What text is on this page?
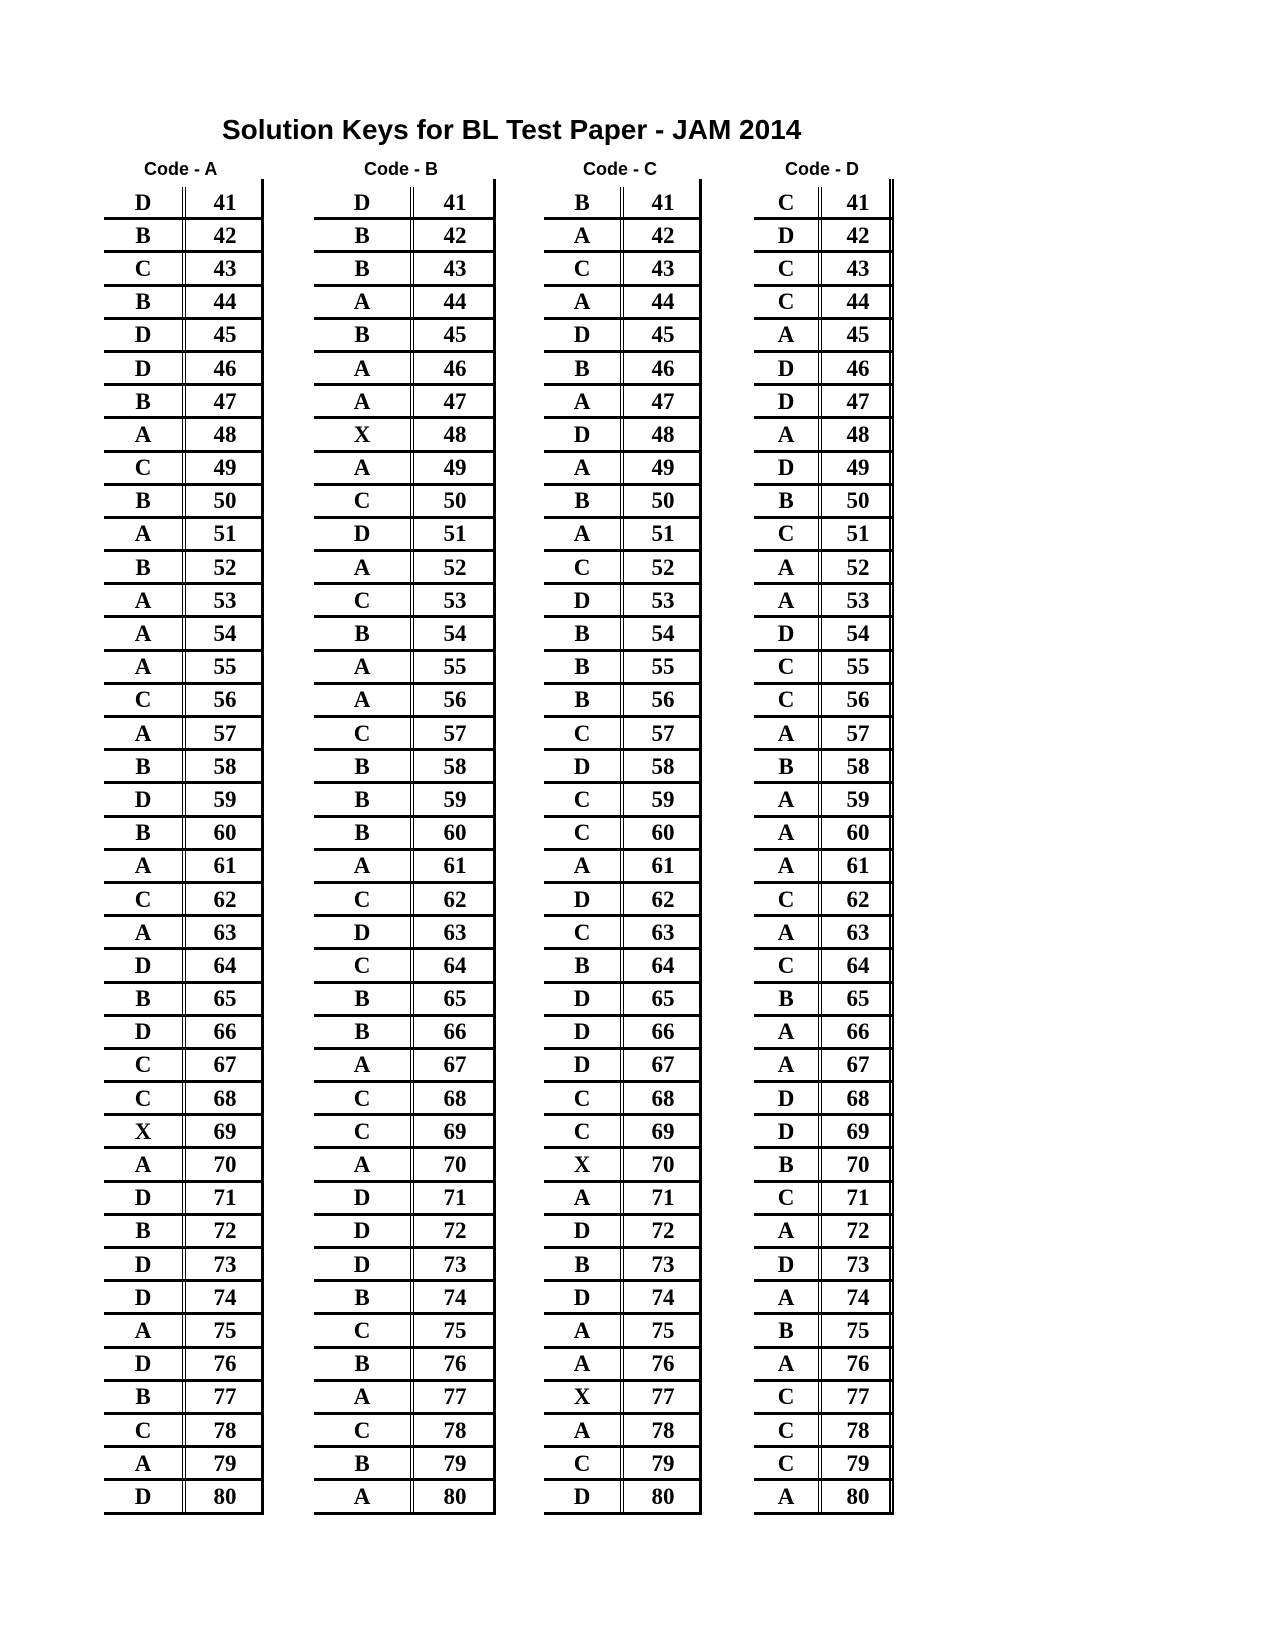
Solution Keys for BL Test Paper - JAM 2014
Code - A	Code - B	Code - C	Code - D
D	41
B	42
C	43
B	44
D	45
D	46
B	47
A	48
C	49
B	50
A	51
B	52
A	53
A	54
A	55
C	56
A	57
B	58
D	59
B	60
A	61
C	62
A	63
D	64
B	65
D	66
C	67
C	68
X	69
A	70
D	71
B	72
D	73
D	74
A	75
D	76
B	77
C	78
A	79
D	80
D	41
B	42
B	43
A	44
B	45
A	46
A	47
X	48
A	49
C	50
D	51
A	52
C	53
B	54
A	55
A	56
C	57
B	58
B	59
B	60
A	61
C	62
D	63
C	64
B	65
B	66
A	67
C	68
C	69
A	70
D	71
D	72
D	73
B	74
C	75
B	76
A	77
C	78
B	79
A	80
B	41
A	42
C	43
A	44
D	45
B	46
A	47
D	48
A	49
B	50
A	51
C	52
D	53
B	54
B	55
B	56
C	57
D	58
C	59
C	60
A	61
D	62
C	63
B	64
D	65
D	66
D	67
C	68
C	69
X	70
A	71
D	72
B	73
D	74
A	75
A	76
X	77
A	78
C	79
D	80
C	41
D	42
C	43
C	44
A	45
D	46
D	47
A	48
D	49
B	50
C	51
A	52
A	53
D	54
C	55
C	56
A	57
B	58
A	59
A	60
A	61
C	62
A	63
C	64
B	65
A	66
A	67
D	68
D	69
B	70
C	71
A	72
D	73
A	74
B	75
A	76
C	77
C	78
C	79
A	80
